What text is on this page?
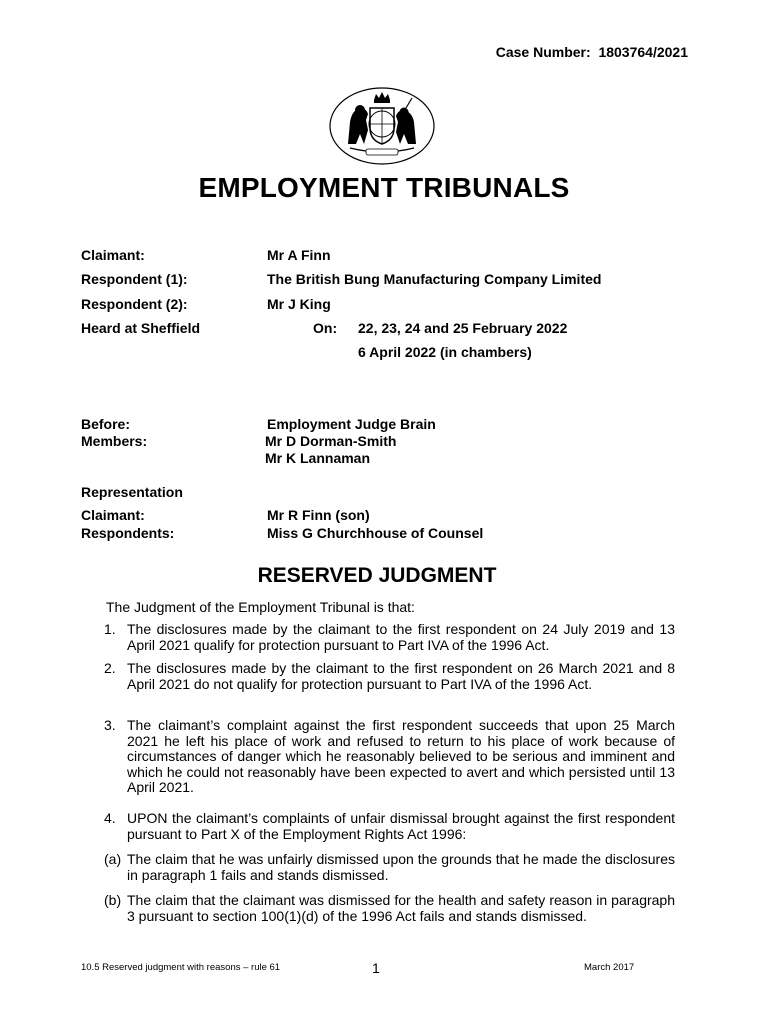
Case Number: 1803764/2021
EMPLOYMENT TRIBUNALS
Claimant:	Mr A Finn
Respondent (1):	The British Bung Manufacturing Company Limited
Respondent (2):	Mr J King
Heard at Sheffield	On: 22, 23, 24 and 25 February 2022
6 April 2022 (in chambers)
Before:	Employment Judge Brain
Members:	Mr D Dorman-Smith
Mr K Lannaman
Representation
Claimant:	Mr R Finn (son)
Respondents:	Miss G Churchhouse of Counsel
RESERVED JUDGMENT
The Judgment of the Employment Tribunal is that:
1. The disclosures made by the claimant to the first respondent on 24 July 2019 and 13 April 2021 qualify for protection pursuant to Part IVA of the 1996 Act.
2. The disclosures made by the claimant to the first respondent on 26 March 2021 and 8 April 2021 do not qualify for protection pursuant to Part IVA of the 1996 Act.
3. The claimant’s complaint against the first respondent succeeds that upon 25 March 2021 he left his place of work and refused to return to his place of work because of circumstances of danger which he reasonably believed to be serious and imminent and which he could not reasonably have been expected to avert and which persisted until 13 April 2021.
4. UPON the claimant’s complaints of unfair dismissal brought against the first respondent pursuant to Part X of the Employment Rights Act 1996:
(a) The claim that he was unfairly dismissed upon the grounds that he made the disclosures in paragraph 1 fails and stands dismissed.
(b) The claim that the claimant was dismissed for the health and safety reason in paragraph 3 pursuant to section 100(1)(d) of the 1996 Act fails and stands dismissed.
10.5 Reserved judgment with reasons – rule 61	1	March 2017
